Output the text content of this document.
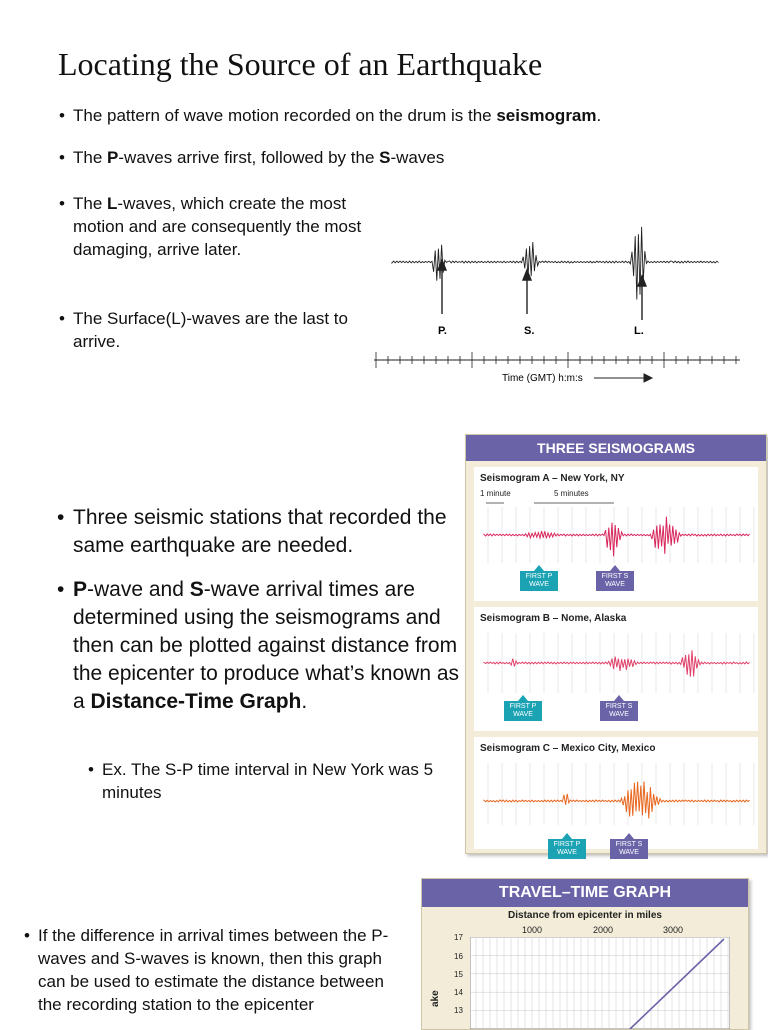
Locating the Source of an Earthquake
• The pattern of wave motion recorded on the drum is the seismogram.
• The P-waves arrive first, followed by the S-waves
• The L-waves, which create the most motion and are consequently the most damaging, arrive later.
• The Surface(L)-waves are the last to arrive.
P.	S.	L.
Time (GMT) h:m:s
• Three seismic stations that recorded the same earthquake are needed.
• P-wave and S-wave arrival times are determined using the seismograms and then can be plotted against distance from the epicenter to produce what’s known as a Distance-Time Graph.
• Ex. The S-P time interval in New York was 5 minutes
• If the difference in arrival times between the P-waves and S-waves is known, then this graph can be used to estimate the distance between the recording station to the epicenter
THREE SEISMOGRAMS
Seismogram A – New York, NY
1 minute	5 minutes
FIRST P WAVE
FIRST S WAVE
Seismogram B – Nome, Alaska
FIRST P WAVE
FIRST S WAVE
Seismogram C – Mexico City, Mexico
FIRST P WAVE
FIRST S WAVE
TRAVEL–TIME GRAPH
Distance from epicenter in miles
1000	2000	3000
ake
17
16
15
14
13
